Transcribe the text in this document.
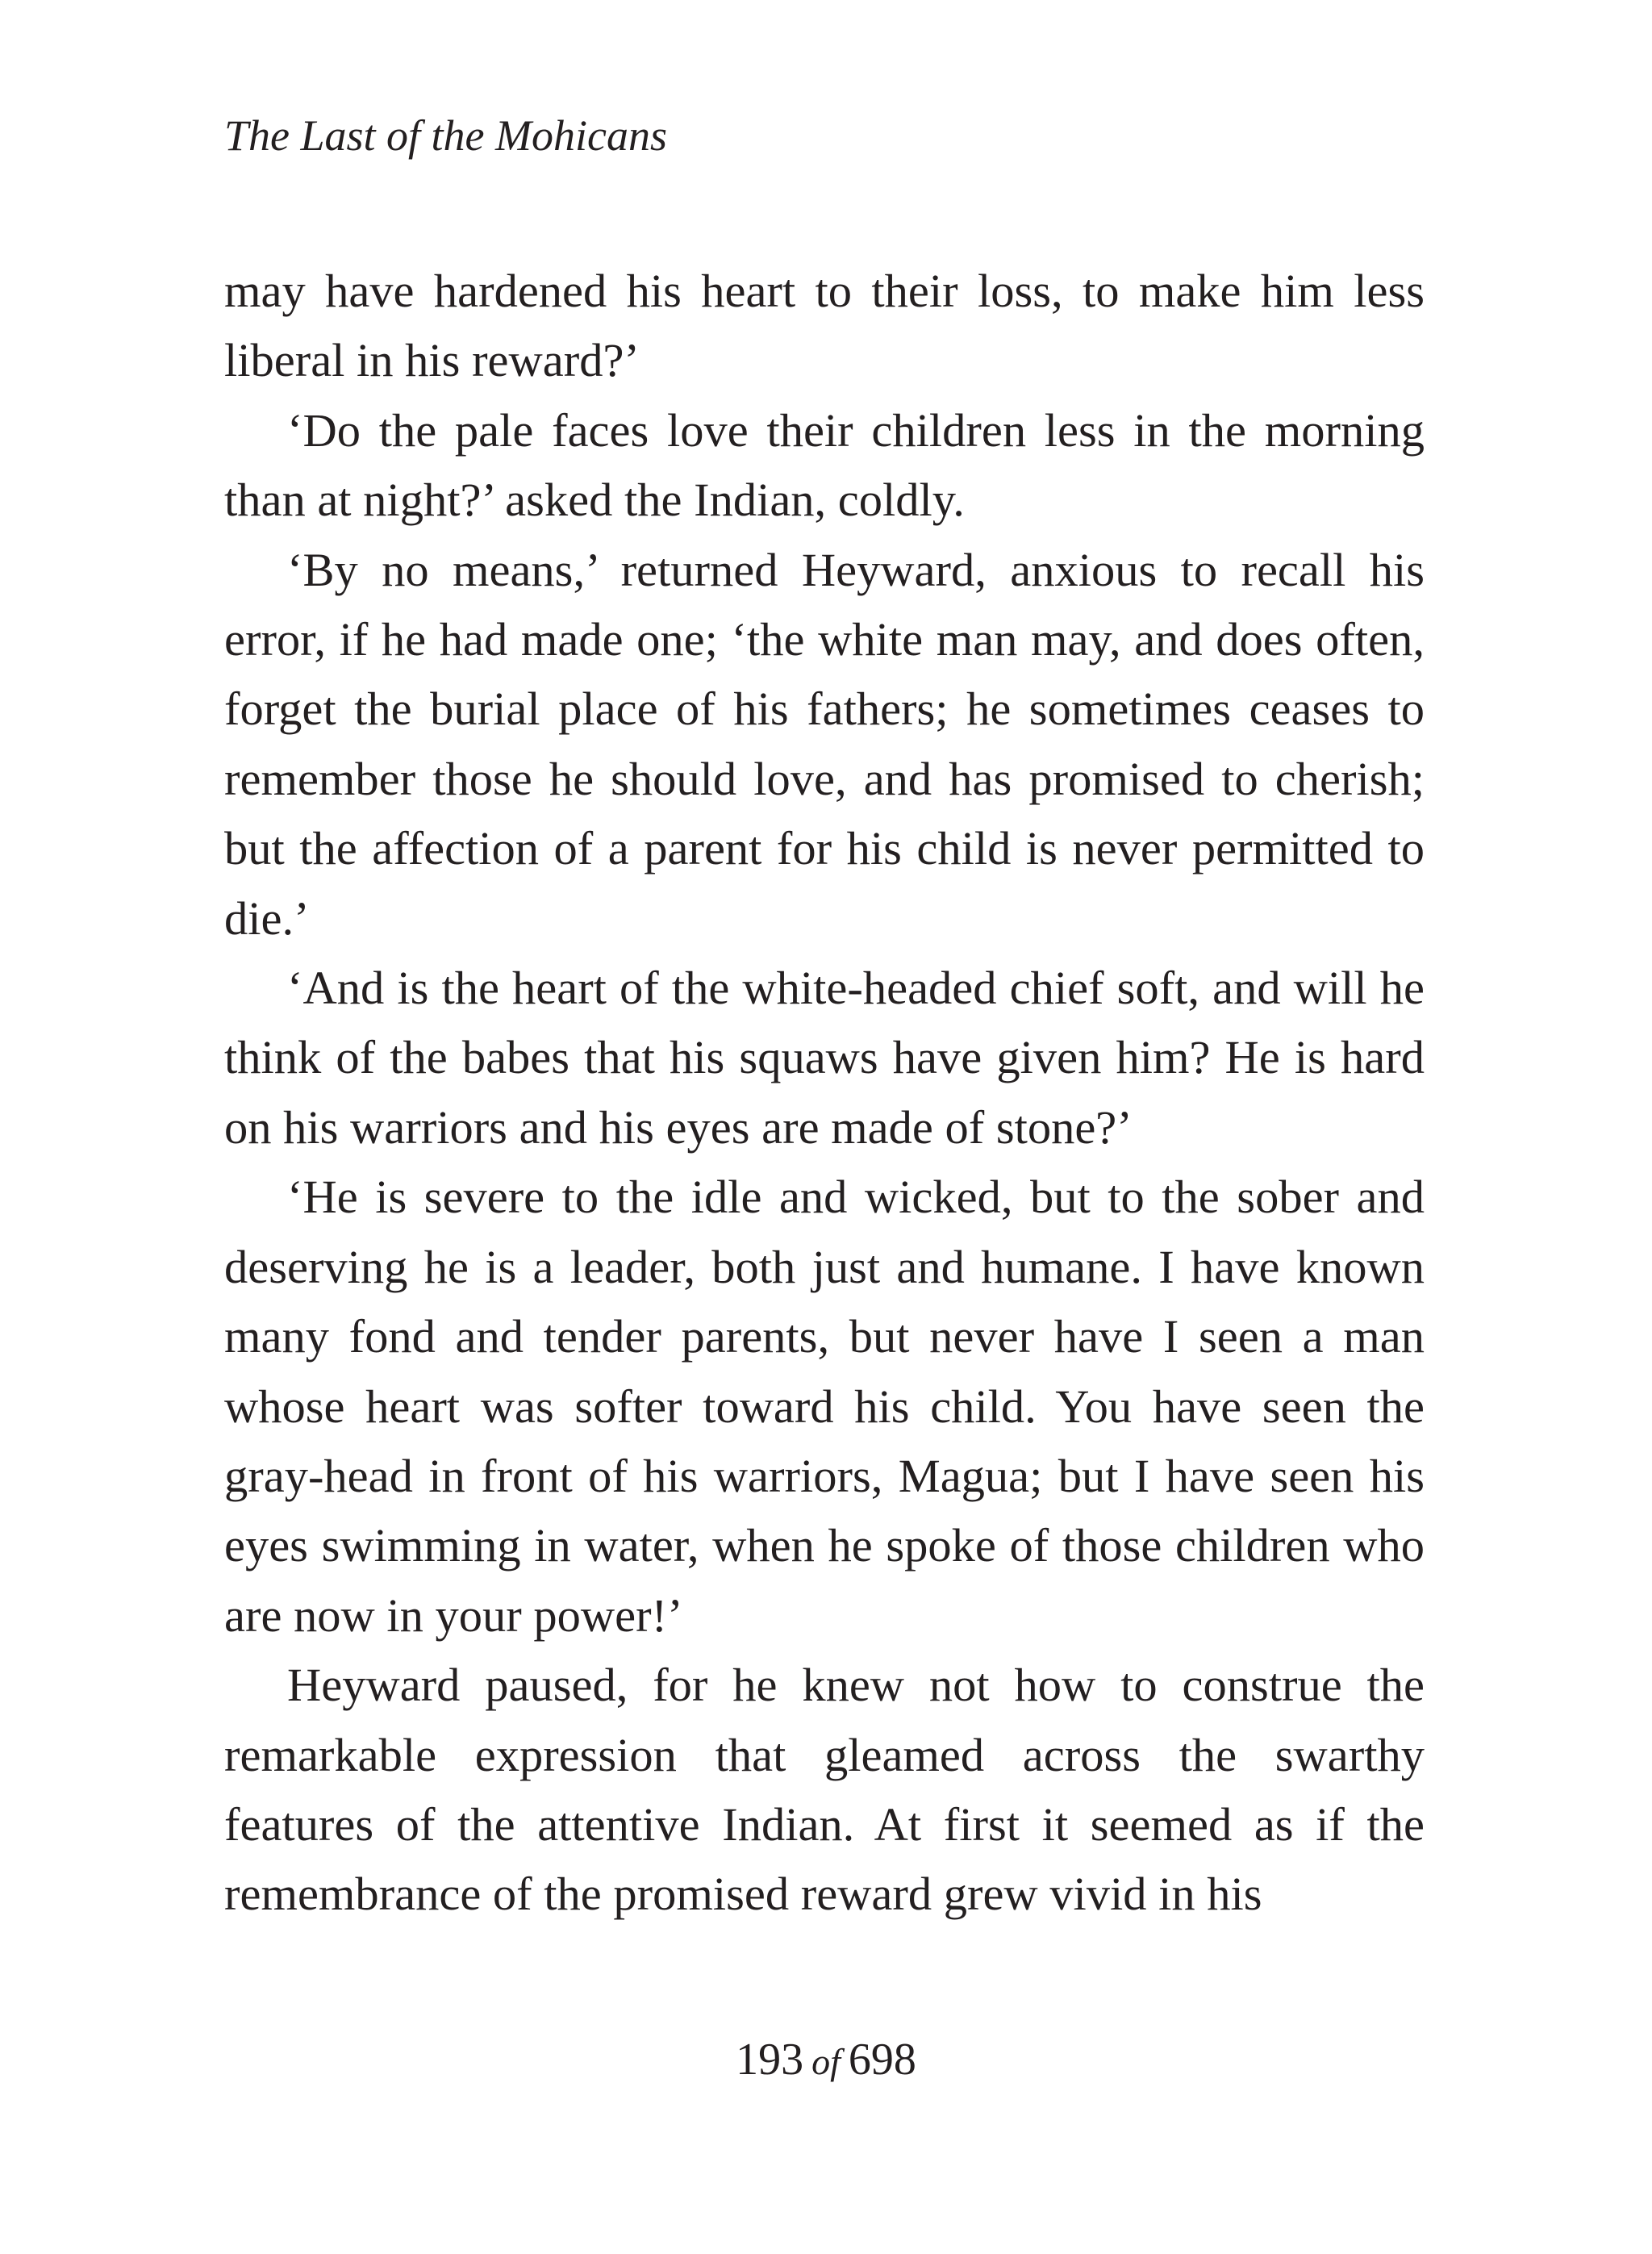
The Last of the Mohicans

may have hardened his heart to their loss, to make him less liberal in his reward?’

‘Do the pale faces love their children less in the morning than at night?’ asked the Indian, coldly.

‘By no means,’ returned Heyward, anxious to recall his error, if he had made one; ‘the white man may, and does often, forget the burial place of his fathers; he sometimes ceases to remember those he should love, and has promised to cherish; but the affection of a parent for his child is never permitted to die.’

‘And is the heart of the white-headed chief soft, and will he think of the babes that his squaws have given him? He is hard on his warriors and his eyes are made of stone?’

‘He is severe to the idle and wicked, but to the sober and deserving he is a leader, both just and humane. I have known many fond and tender parents, but never have I seen a man whose heart was softer toward his child. You have seen the gray-head in front of his warriors, Magua; but I have seen his eyes swimming in water, when he spoke of those children who are now in your power!’

Heyward paused, for he knew not how to construe the remarkable expression that gleamed across the swarthy features of the attentive Indian. At first it seemed as if the remembrance of the promised reward grew vivid in his

193 of 698
